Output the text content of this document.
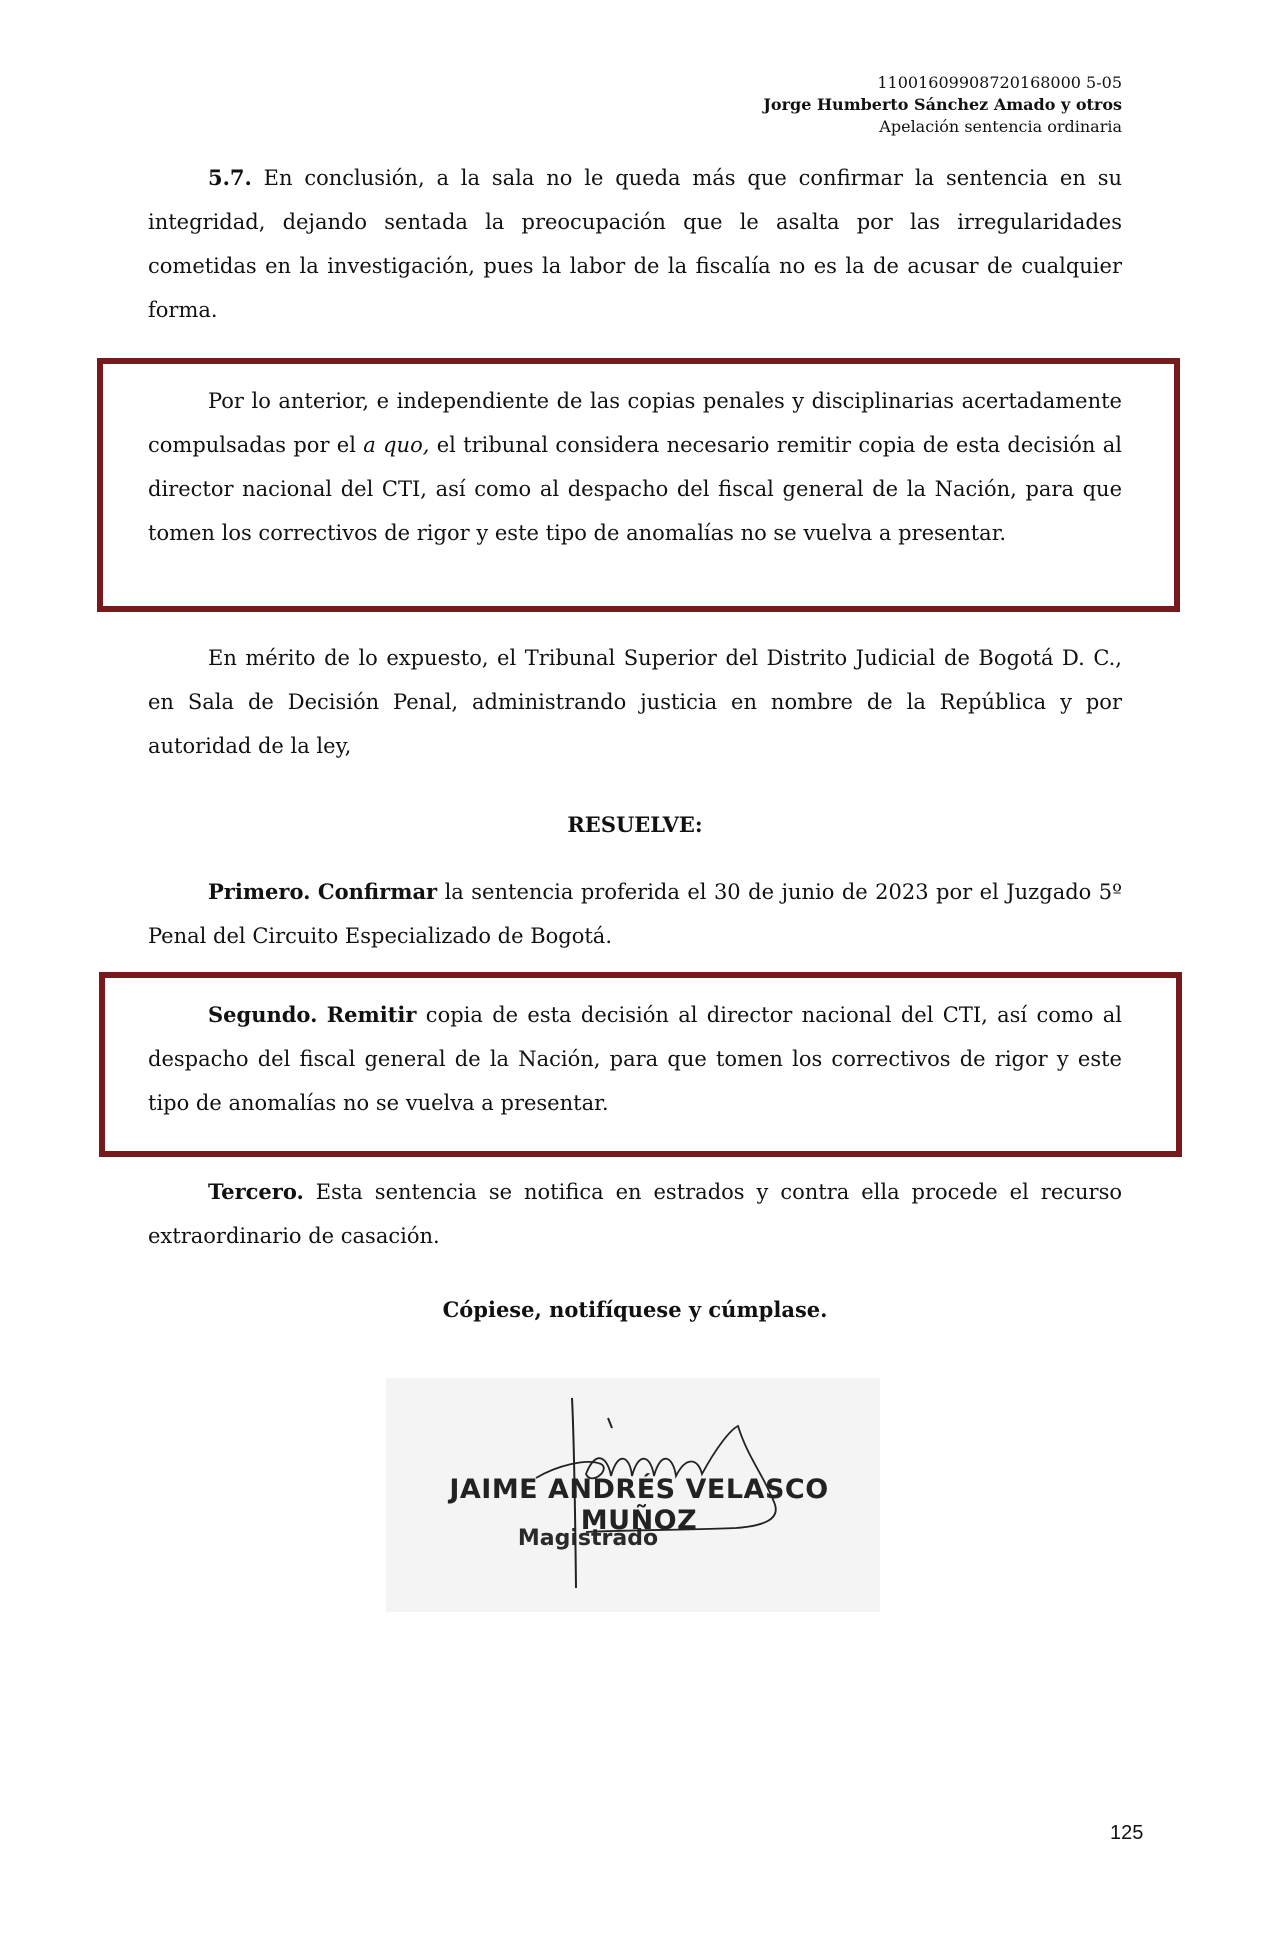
11001609908720168000 5-05
Jorge Humberto Sánchez Amado y otros
Apelación sentencia ordinaria
5.7. En conclusión, a la sala no le queda más que confirmar la sentencia en su integridad, dejando sentada la preocupación que le asalta por las irregularidades cometidas en la investigación, pues la labor de la fiscalía no es la de acusar de cualquier forma.
Por lo anterior, e independiente de las copias penales y disciplinarias acertadamente compulsadas por el a quo, el tribunal considera necesario remitir copia de esta decisión al director nacional del CTI, así como al despacho del fiscal general de la Nación, para que tomen los correctivos de rigor y este tipo de anomalías no se vuelva a presentar.
En mérito de lo expuesto, el Tribunal Superior del Distrito Judicial de Bogotá D. C., en Sala de Decisión Penal, administrando justicia en nombre de la República y por autoridad de la ley,
RESUELVE:
Primero. Confirmar la sentencia proferida el 30 de junio de 2023 por el Juzgado 5º Penal del Circuito Especializado de Bogotá.
Segundo. Remitir copia de esta decisión al director nacional del CTI, así como al despacho del fiscal general de la Nación, para que tomen los correctivos de rigor y este tipo de anomalías no se vuelva a presentar.
Tercero. Esta sentencia se notifica en estrados y contra ella procede el recurso extraordinario de casación.
Cópiese, notifíquese y cúmplase.
JAIME ANDRÉS VELASCO MUÑOZ
Magistrado
125
